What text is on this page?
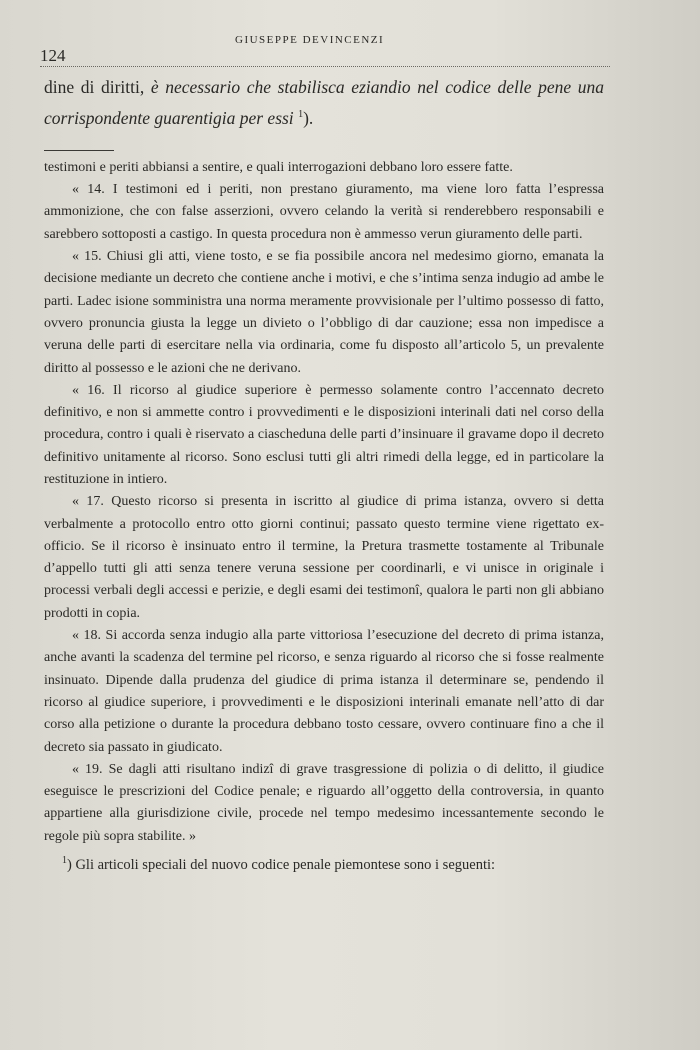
124
GIUSEPPE DEVINCENZI

dine di diritti, è necessario che stabilisca eziandio nel codice delle pene una corrispondente guarentigia per essi $^1$).

testimoni e periti abbiansi a sentire, e quali interrogazioni debbano loro essere fatte.

« 14. I testimoni ed i periti, non prestano giuramento, ma viene loro fatta l’espressa ammonizione, che con false asserzioni, ovvero celando la verità si renderebbero responsabili e sarebbero sottoposti a castigo. In questa procedura non è ammesso verun giuramento delle parti.

« 15. Chiusi gli atti, viene tosto, e se fia possibile ancora nel medesimo giorno, emanata la decisione mediante un decreto che contiene anche i motivi, e che s’intima senza indugio ad ambe le parti. Ladec isione somministra una norma meramente provvisionale per l’ultimo possesso di fatto, ovvero pronuncia giusta la legge un divieto o l’obbligo di dar cauzione; essa non impedisce a veruna delle parti di esercitare nella via ordinaria, come fu disposto all’articolo 5, un prevalente diritto al possesso e le azioni che ne derivano.

« 16. Il ricorso al giudice superiore è permesso solamente contro l’accennato decreto definitivo, e non si ammette contro i provvedimenti e le disposizioni interinali dati nel corso della procedura, contro i quali è riservato a ciascheduna delle parti d’insinuare il gravame dopo il decreto definitivo unitamente al ricorso. Sono esclusi tutti gli altri rimedi della legge, ed in particolare la restituzione in intiero.

« 17. Questo ricorso si presenta in iscritto al giudice di prima istanza, ovvero si detta verbalmente a protocollo entro otto giorni continui; passato questo termine viene rigettato ex-officio. Se il ricorso è insinuato entro il termine, la Pretura trasmette tostamente al Tribunale d’appello tutti gli atti senza tenere veruna sessione per coordinarli, e vi unisce in originale i processi verbali degli accessi e perizie, e degli esami dei testimonî, qualora le parti non gli abbiano prodotti in copia.

« 18. Si accorda senza indugio alla parte vittoriosa l’esecuzione del decreto di prima istanza, anche avanti la scadenza del termine pel ricorso, e senza riguardo al ricorso che si fosse realmente insinuato. Dipende dalla prudenza del giudice di prima istanza il determinare se, pendendo il ricorso al giudice superiore, i provvedimenti e le disposizioni interinali emanate nell’atto di dar corso alla petizione o durante la procedura debbano tosto cessare, ovvero continuare fino a che il decreto sia passato in giudicato.

« 19. Se dagli atti risultano indizî di grave trasgressione di polizia o di delitto, il giudice eseguisce le prescrizioni del Codice penale; e riguardo all’oggetto della controversia, in quanto appartiene alla giurisdizione civile, procede nel tempo medesimo incessantemente secondo le regole più sopra stabilite. »

$^1$) Gli articoli speciali del nuovo codice penale piemontese sono i seguenti:
